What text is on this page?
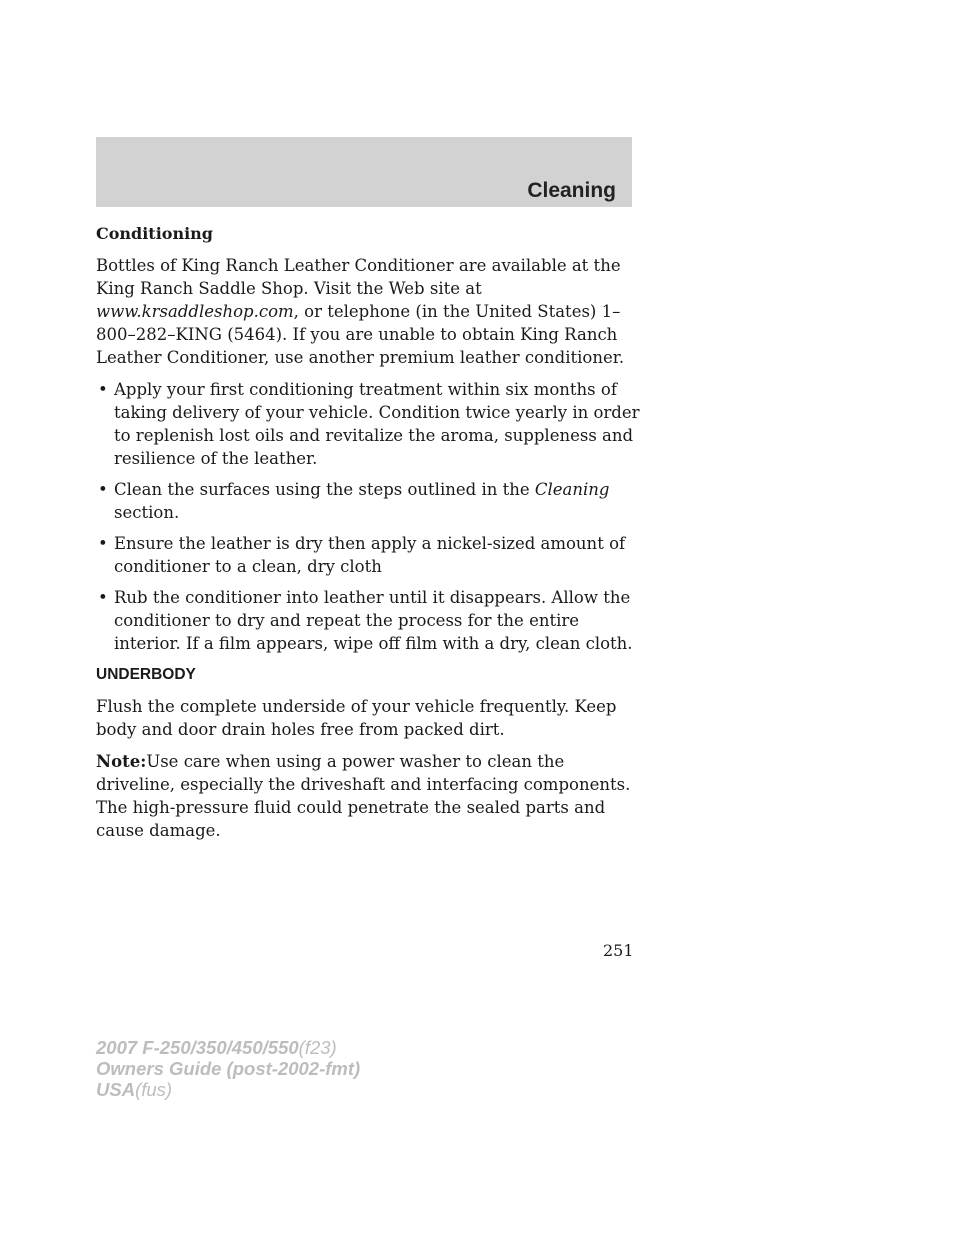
Cleaning

Conditioning

Bottles of King Ranch Leather Conditioner are available at the King Ranch Saddle Shop. Visit the Web site at www.krsaddleshop.com, or telephone (in the United States) 1–800–282–KING (5464). If you are unable to obtain King Ranch Leather Conditioner, use another premium leather conditioner.

• Apply your first conditioning treatment within six months of taking delivery of your vehicle. Condition twice yearly in order to replenish lost oils and revitalize the aroma, suppleness and resilience of the leather.
• Clean the surfaces using the steps outlined in the Cleaning section.
• Ensure the leather is dry then apply a nickel-sized amount of conditioner to a clean, dry cloth
• Rub the conditioner into leather until it disappears. Allow the conditioner to dry and repeat the process for the entire interior. If a film appears, wipe off film with a dry, clean cloth.

UNDERBODY

Flush the complete underside of your vehicle frequently. Keep body and door drain holes free from packed dirt.

Note:Use care when using a power washer to clean the driveline, especially the driveshaft and interfacing components. The high-pressure fluid could penetrate the sealed parts and cause damage.

251
2007 F-250/350/450/550(f23)
Owners Guide (post-2002-fmt)
USA(fus)
